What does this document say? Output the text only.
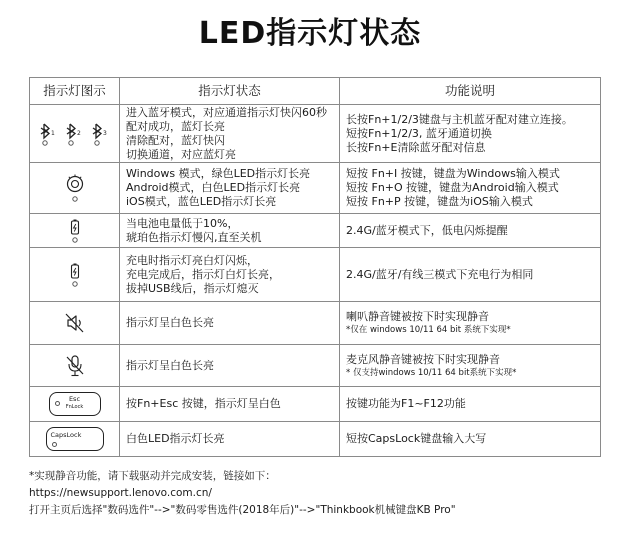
LED指示灯状态
指示灯图示	指示灯状态	功能说明

1 2 3	进入蓝牙模式，对应通道指示灯快闪60秒
配对成功，蓝灯长亮
清除配对，蓝灯快闪
切换通道，对应蓝灯亮	长按Fn+1/2/3键盘与主机蓝牙配对建立连接。
短按Fn+1/2/3, 蓝牙通道切换
长按Fn+E清除蓝牙配对信息

Windows 模式，绿色LED指示灯长亮
Android模式，白色LED指示灯长亮
iOS模式，蓝色LED指示灯长亮	短按 Fn+I 按键，键盘为Windows输入模式
短按 Fn+O 按键，键盘为Android输入模式
短按 Fn+P 按键，键盘为iOS输入模式

当电池电量低于10%，
琥珀色指示灯慢闪,直至关机	2.4G/蓝牙模式下，低电闪烁提醒

充电时指示灯亮白灯闪烁，
充电完成后，指示灯白灯长亮，
拔掉USB线后，指示灯熄灭	2.4G/蓝牙/有线三模式下充电行为相同

指示灯呈白色长亮	喇叭静音键被按下时实现静音
*仅在 windows 10/11 64 bit 系统下实现*

指示灯呈白色长亮	麦克风静音键被按下时实现静音
* 仅支持windows 10/11 64 bit系统下实现*

Esc
FnLock	按Fn+Esc 按键，指示灯呈白色	按键功能为F1~F12功能

CapsLock	白色LED指示灯长亮	短按CapsLock键盘输入大写
*实现静音功能，请下载驱动并完成安装，链接如下：
https://newsupport.lenovo.com.cn/
打开主页后选择"数码选件"-->"数码零售选件(2018年后)"-->"Thinkbook机械键盘KB Pro"
